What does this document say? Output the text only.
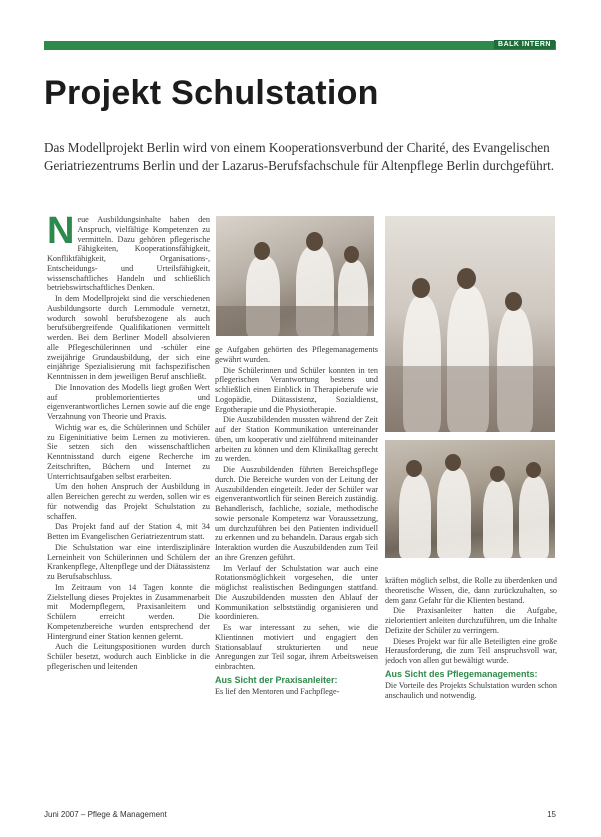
BALK INTERN
Projekt Schulstation

Das Modellprojekt Berlin wird von einem Kooperationsverbund der Charité, des Evangelischen Geriatriezentrums Berlin und der Lazarus-Berufsfachschule für Altenpflege Berlin durchgeführt.

N eue Ausbildungsinhalte haben den Anspruch, vielfältige Kompetenzen zu vermitteln. Dazu gehören pflegerische Fähigkeiten, Kooperationsfähigkeit, Konfliktfähigkeit, Organisations-, Entscheidungs- und Urteilsfähigkeit, wissenschaftliches Handeln und schließlich betriebswirtschaftliches Denken.

In dem Modellprojekt sind die verschiedenen Ausbildungsorte durch Lernmodule vernetzt, wodurch sowohl berufsbezogene als auch berufsübergreifende Qualifikationen vermittelt werden. Bei dem Berliner Modell absolvieren alle Pflegeschülerinnen und -schüler eine zweijährige Grundausbildung, der sich eine einjährige Spezialisierung mit fachspezifischen Kenntnissen in dem jeweiligen Beruf anschließt.

Die Innovation des Modells liegt großen Wert auf problemorientiertes und eigenverantwortliches Lernen sowie auf die enge Verzahnung von Theorie und Praxis.

Wichtig war es, die Schülerinnen und Schüler zu Eigeninitiative beim Lernen zu motivieren. Sie setzen sich den wissenschaftlichen Kenntnisstand durch eigene Recherche im Zeitschriften, Büchern und Internet zu Unterrichtsaufgaben selbst erarbeiten.

Um den hohen Anspruch der Ausbildung in allen Bereichen gerecht zu werden, sollen wir es für notwendig das Projekt Schulstation zu schaffen.

Das Projekt fand auf der Station 4, mit 34 Betten im Evangelischen Geriatriezentrum statt.

Die Schulstation war eine interdisziplinäre Lerneinheit von Schülerinnen und Schülern der Krankenpflege, Altenpflege und der Diätassistenz zu Berufsabschluss.

Im Zeitraum von 14 Tagen konnte die Zielstellung dieses Projektes in Zusammenarbeit mit Modernpflegern, Praxisanleitern und Schülern erreicht werden. Die Kompetenzbereiche wurden entsprechend der Hintergrund einer Station kennen gelernt.

Auch die Leitungspositionen wurden durch Schüler besetzt, wodurch auch Einblicke in die pflegerischen und leitenden

ge Aufgaben gehörten des Pflegemanagements gewährt wurden.

Die Schülerinnen und Schüler konnten in ten pflegerischen Verantwortung bestens und schließlich einen Einblick in Therapieberufe wie Logopädie, Diätassistenz, Sozialdienst, Ergotherapie und die Physiotherapie.

Die Auszubildenden mussten während der Zeit auf der Station Kommunikation untereinander üben, um kooperativ und zielführend miteinander arbeiten zu können und dem Klinikalltag gerecht zu werden.

Die Auszubildenden führten Bereichspflege durch. Die Bereiche wurden von der Leitung der Auszubildenden eingeteilt. Jeder der Schüler war eigenverantwortlich für seinen Bereich zuständig. Behandlerisch, fachliche, soziale, methodische sowie personale Kompetenz war Voraussetzung, um durchzuführen bei den Patienten individuell zu erkennen und zu behandeln. Daraus ergab sich Interaktion wurden die Auszubildenden zum Teil an ihre Grenzen geführt.

Im Verlauf der Schulstation war auch eine Rotationsmöglichkeit vorgesehen, die unter möglichst realistischen Bedingungen stattfand. Die Auszubildenden mussten den Ablauf der Kommunikation selbstständig organisieren und koordinieren.

Es war interessant zu sehen, wie die Klientinnen motiviert und engagiert den Stationsablauf strukturierten und neue Anregungen zur Teil sogar, ihrem Arbeitsweisen einbrachten.

Aus Sicht der Praxisanleiter:

Es lief den Mentoren und Fachpflege-

kräften möglich selbst, die Rolle zu überdenken und theoretische Wissen, die, dann zurückzuhalten, so dem ganz Gefahr für die Klienten bestand.

Die Praxisanleiter hatten die Aufgabe, zielorientiert anleiten durchzuführen, um die Inhalte Defizite der Schüler zu verringern.

Dieses Projekt war für alle Beteiligten eine große Herausforderung, die zum Teil anspruchsvoll war, jedoch von allen gut bewältigt wurde.

Aus Sicht des Pflegemanagements:

Die Vorteile des Projekts Schulstation wurden schon anschaulich und notwendig.

Juni 2007 – Pflege & Management	15
